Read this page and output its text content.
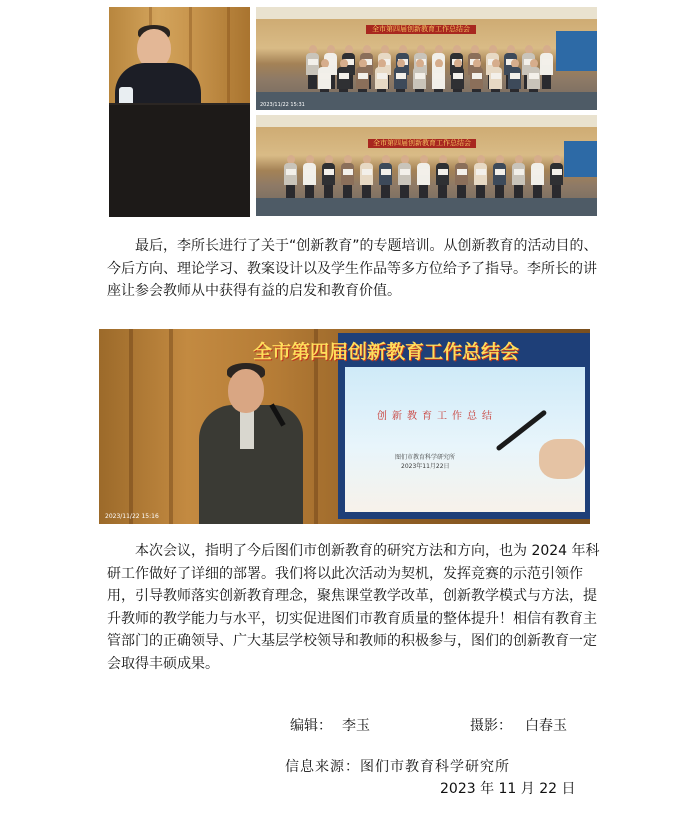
全市第四届创新教育工作总结会
2023/11/22 15:31
全市第四届创新教育工作总结会

最后，李所长进行了关于“创新教育”的专题培训。从创新教育的活动目的、今后方向、理论学习、教案设计以及学生作品等多方位给予了指导。李所长的讲座让参会教师从中获得有益的启发和教育价值。

全市第四届创新教育工作总结会
创新教育工作总结
图们市教育科学研究所
2023年11月22日
2023/11/22 15:16

本次会议，指明了今后图们市创新教育的研究方法和方向，也为 2024 年科研工作做好了详细的部署。我们将以此次活动为契机，发挥竞赛的示范引领作用，引导教师落实创新教育理念，聚焦课堂教学改革，创新教学模式与方法，提升教师的教学能力与水平，切实促进图们市教育质量的整体提升！相信有教育主管部门的正确领导、广大基层学校领导和教师的积极参与，图们的创新教育一定会取得丰硕成果。

编辑： 李玉	摄影： 白春玉
信息来源：图们市教育科学研究所
2023 年 11 月 22 日
